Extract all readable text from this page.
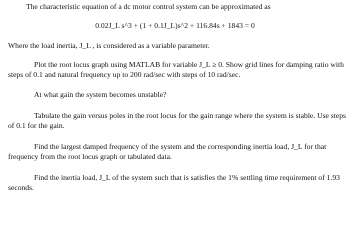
The characteristic equation of a dc motor control system can be approximated as

0.02J_L s^3 + (1 + 0.1J_L)s^2 + 116.84s + 1843 = 0

Where the load inertia, J_L , is considered as a variable parameter.

Plot the root locus graph using MATLAB for variable J_L ≥ 0. Show grid lines for damping ratio with steps of 0.1 and natural frequency up to 200 rad/sec with steps of 10 rad/sec.

At what gain the system becomes unstable?

Tabulate the gain versus poles in the root locus for the gain range where the system is stable. Use steps of 0.1 for the gain.

Find the largest damped frequency of the system and the corresponding inertia load, J_L for that frequency from the root locus graph or tabulated data.

Find the inertia load, J_L of the system such that is satisfies the 1% settling time requirement of 1.93 seconds.
